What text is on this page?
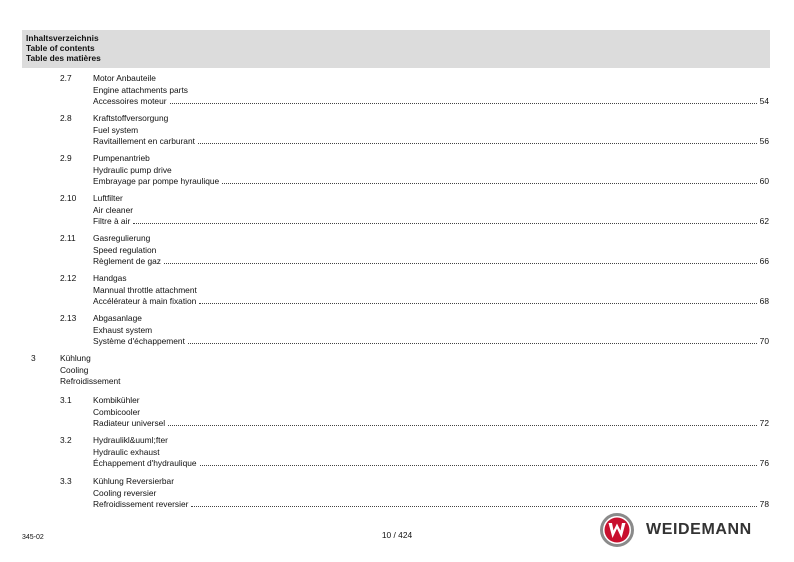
Inhaltsverzeichnis
Table of contents
Table des matières
2.7	Motor Anbauteile
Engine attachments parts
Accessoires moteur	54
2.8	Kraftstoffversorgung
Fuel system
Ravitaillement en carburant	56
2.9	Pumpenantrieb
Hydraulic pump drive
Embrayage par pompe hyraulique	60
2.10 Luftfilter
Air cleaner
Filtre à air	62
2.11 Gasregulierung
Speed regulation
Règlement de gaz	66
2.12 Handgas
Mannual throttle attachment
Accélérateur à main fixation	68
2.13 Abgasanlage
Exhaust system
Système d'échappement	70
3	Kühlung
Cooling
Refroidissement
3.1	Kombikühler
Combicooler
Radiateur universel	72
3.2	Hydraulikl&uuml;fter
Hydraulic exhaust
Échappement d'hydraulique	76
3.3	Kühlung Reversierbar
Cooling reversier
Refroidissement reversier	78
345-02	10 / 424	WEIDEMANN
